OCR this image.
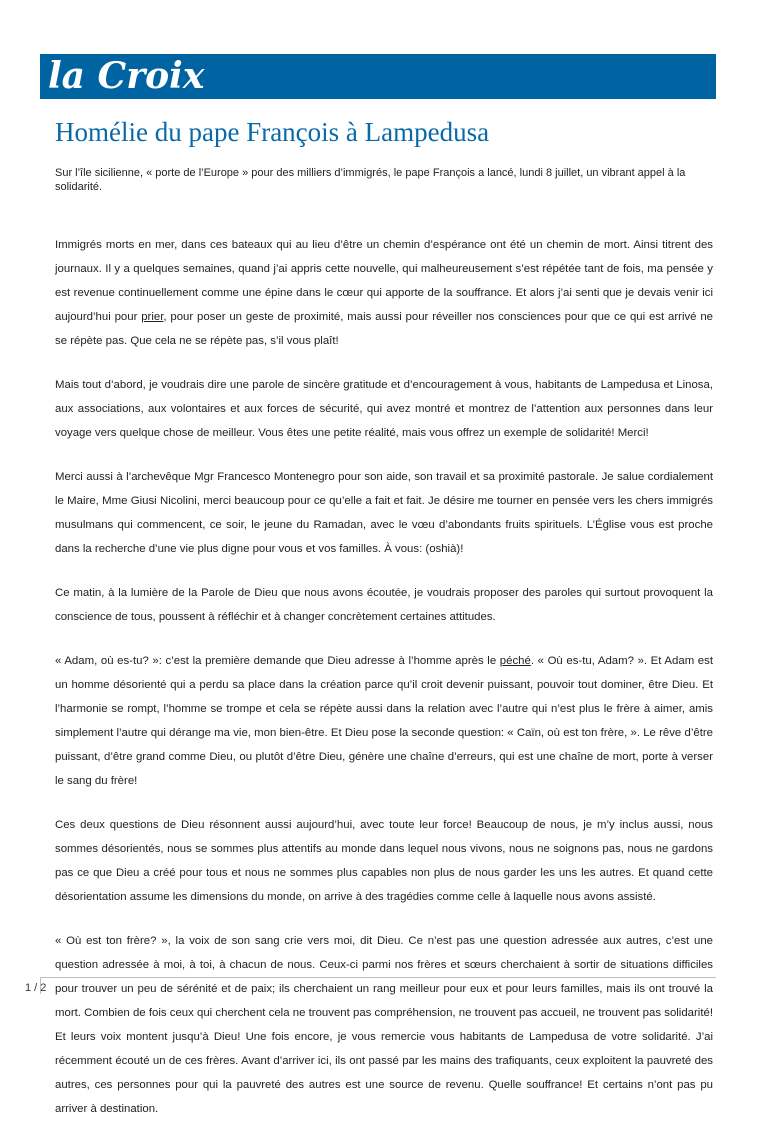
la Croix
Homélie du pape François à Lampedusa

Sur l’île sicilienne, « porte de l’Europe » pour des milliers d’immigrés, le pape François a lancé, lundi 8 juillet, un vibrant appel à la solidarité.

Immigrés morts en mer, dans ces bateaux qui au lieu d’être un chemin d’espérance ont été un chemin de mort. Ainsi titrent des journaux. Il y a quelques semaines, quand j’ai appris cette nouvelle, qui malheureusement s’est répétée tant de fois, ma pensée y est revenue continuellement comme une épine dans le cœur qui apporte de la souffrance. Et alors j’ai senti que je devais venir ici aujourd’hui pour prier, pour poser un geste de proximité, mais aussi pour réveiller nos consciences pour que ce qui est arrivé ne se répète pas. Que cela ne se répète pas, s’il vous plaît!

Mais tout d’abord, je voudrais dire une parole de sincère gratitude et d’encouragement à vous, habitants de Lampedusa et Linosa, aux associations, aux volontaires et aux forces de sécurité, qui avez montré et montrez de l’attention aux personnes dans leur voyage vers quelque chose de meilleur. Vous êtes une petite réalité, mais vous offrez un exemple de solidarité! Merci!

Merci aussi à l’archevêque Mgr Francesco Montenegro pour son aide, son travail et sa proximité pastorale. Je salue cordialement le Maire, Mme Giusi Nicolini, merci beaucoup pour ce qu’elle a fait et fait. Je désire me tourner en pensée vers les chers immigrés musulmans qui commencent, ce soir, le jeune du Ramadan, avec le vœu d’abondants fruits spirituels. L’Église vous est proche dans la recherche d’une vie plus digne pour vous et vos familles. À vous: (oshià)!

Ce matin, à la lumière de la Parole de Dieu que nous avons écoutée, je voudrais proposer des paroles qui surtout provoquent la conscience de tous, poussent à réfléchir et à changer concrètement certaines attitudes.

« Adam, où es-tu? »: c’est la première demande que Dieu adresse à l’homme après le péché. « Où es-tu, Adam? ». Et Adam est un homme désorienté qui a perdu sa place dans la création parce qu’il croit devenir puissant, pouvoir tout dominer, être Dieu. Et l’harmonie se rompt, l’homme se trompe et cela se répète aussi dans la relation avec l’autre qui n’est plus le frère à aimer, amis simplement l’autre qui dérange ma vie, mon bien-être. Et Dieu pose la seconde question: « Caïn, où est ton frère, ». Le rêve d’être puissant, d’être grand comme Dieu, ou plutôt d’être Dieu, génère une chaîne d’erreurs, qui est une chaîne de mort, porte à verser le sang du frère!

Ces deux questions de Dieu résonnent aussi aujourd’hui, avec toute leur force! Beaucoup de nous, je m’y inclus aussi, nous sommes désorientés, nous se sommes plus attentifs au monde dans lequel nous vivons, nous ne soignons pas, nous ne gardons pas ce que Dieu a créé pour tous et nous ne sommes plus capables non plus de nous garder les uns les autres. Et quand cette désorientation assume les dimensions du monde, on arrive à des tragédies comme celle à laquelle nous avons assisté.

« Où est ton frère? », la voix de son sang crie vers moi, dit Dieu. Ce n’est pas une question adressée aux autres, c’est une question adressée à moi, à toi, à chacun de nous. Ceux-ci parmi nos frères et sœurs cherchaient à sortir de situations difficiles pour trouver un peu de sérénité et de paix; ils cherchaient un rang meilleur pour eux et pour leurs familles, mais ils ont trouvé la mort. Combien de fois ceux qui cherchent cela ne trouvent pas compréhension, ne trouvent pas accueil, ne trouvent pas solidarité! Et leurs voix montent jusqu’à Dieu! Une fois encore, je vous remercie vous habitants de Lampedusa de votre solidarité. J’ai récemment écouté un de ces frères. Avant d’arriver ici, ils ont passé par les mains des trafiquants, ceux exploitent la pauvreté des autres, ces personnes pour qui la pauvreté des autres est une source de revenu. Quelle souffrance! Et certains n’ont pas pu arriver à destination.

1 / 2
